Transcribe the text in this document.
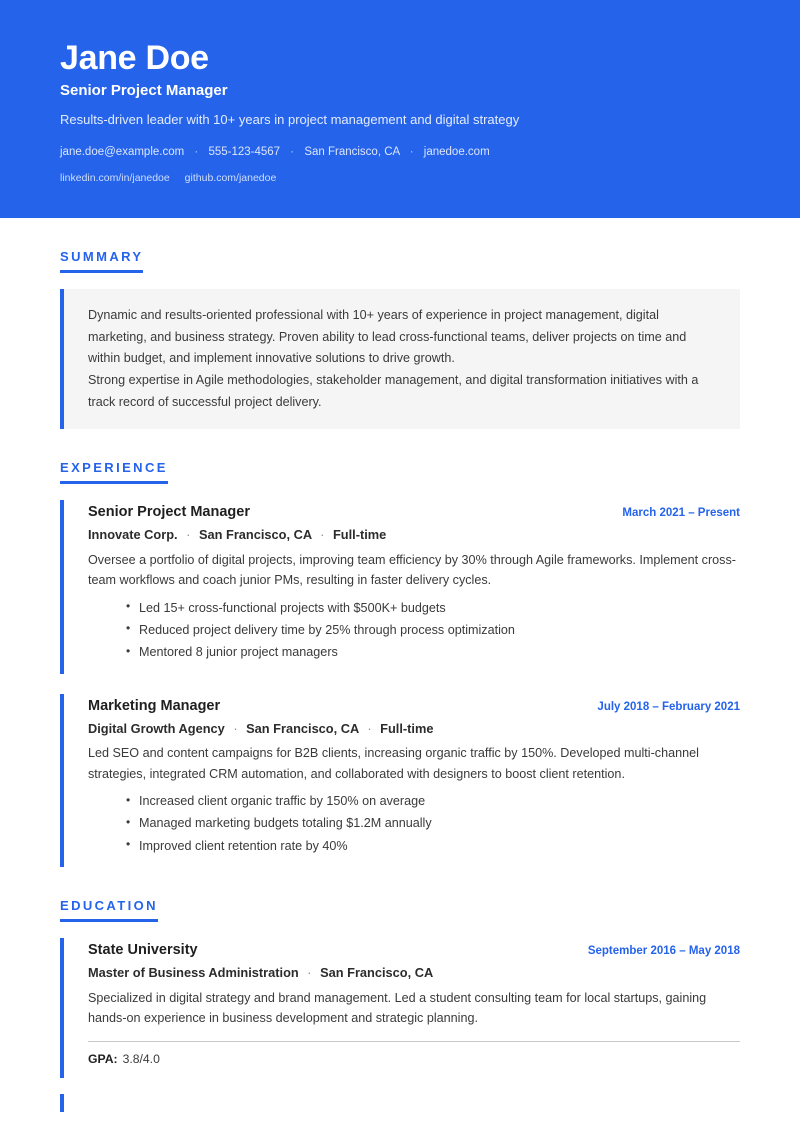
Jane Doe
Senior Project Manager
Results-driven leader with 10+ years in project management and digital strategy
jane.doe@example.com · 555-123-4567 · San Francisco, CA · janedoe.com
linkedin.com/in/janedoe github.com/janedoe
SUMMARY

Dynamic and results-oriented professional with 10+ years of experience in project management, digital marketing, and business strategy. Proven ability to lead cross-functional teams, deliver projects on time and within budget, and implement innovative solutions to drive growth.

Strong expertise in Agile methodologies, stakeholder management, and digital transformation initiatives with a track record of successful project delivery.

EXPERIENCE
Senior Project Manager	March 2021 – Present
Innovate Corp. · San Francisco, CA · Full-time

Oversee a portfolio of digital projects, improving team efficiency by 30% through Agile frameworks. Implement cross-team workflows and coach junior PMs, resulting in faster delivery cycles.

• Led 15+ cross-functional projects with $500K+ budgets
• Reduced project delivery time by 25% through process optimization
• Mentored 8 junior project managers
Marketing Manager	July 2018 – February 2021
Digital Growth Agency · San Francisco, CA · Full-time

Led SEO and content campaigns for B2B clients, increasing organic traffic by 150%. Developed multi-channel strategies, integrated CRM automation, and collaborated with designers to boost client retention.

• Increased client organic traffic by 150% on average
• Managed marketing budgets totaling $1.2M annually
• Improved client retention rate by 40%
EDUCATION
State University	September 2016 – May 2018
Master of Business Administration · San Francisco, CA

Specialized in digital strategy and brand management. Led a student consulting team for local startups, gaining hands-on experience in business development and strategic planning.

GPA: 3.8/4.0
